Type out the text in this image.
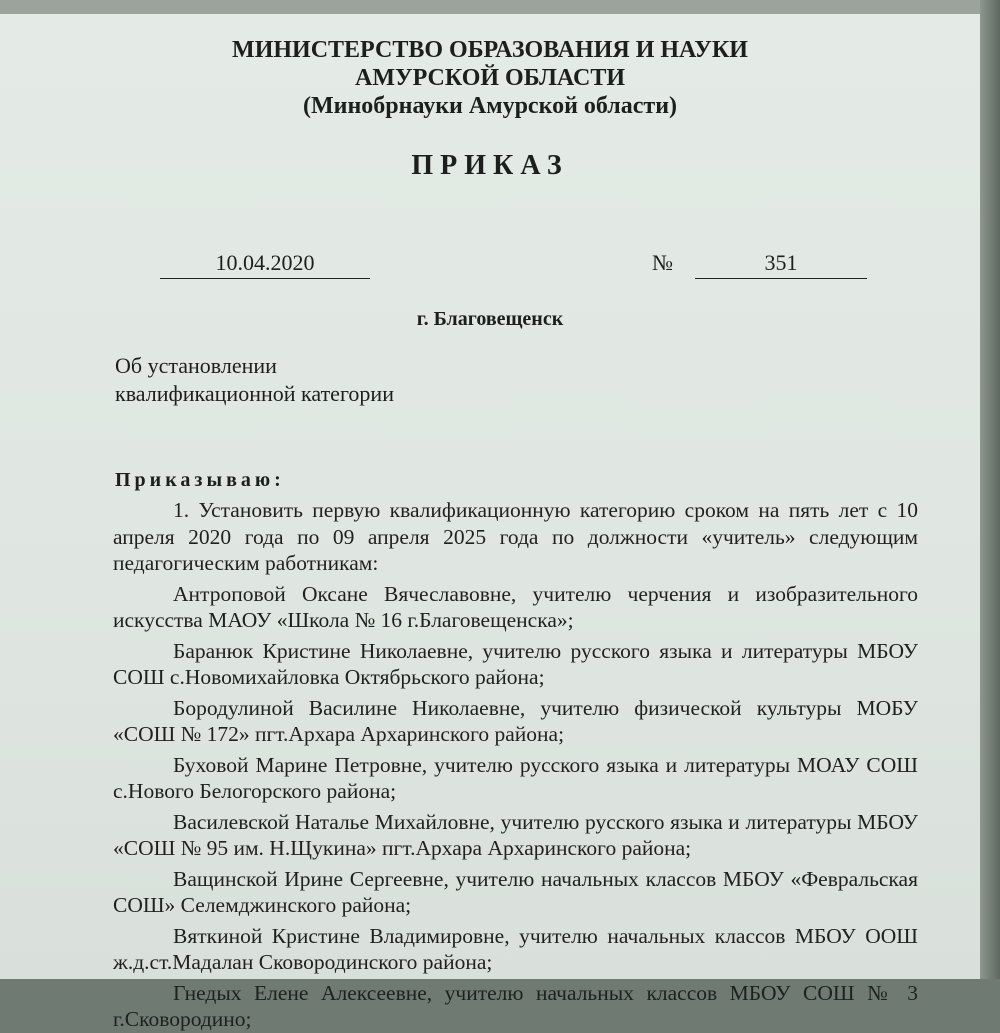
МИНИСТЕРСТВО ОБРАЗОВАНИЯ И НАУКИ
АМУРСКОЙ ОБЛАСТИ
(Минобрнауки Амурской области)
ПРИКАЗ
10.04.2020	№	351
г. Благовещенск
Об установлении
квалификационной категории
Приказываю:

1. Установить первую квалификационную категорию сроком на пять лет с 10 апреля 2020 года по 09 апреля 2025 года по должности «учитель» следующим педагогическим работникам:

Антроповой Оксане Вячеславовне, учителю черчения и изобразительного искусства МАОУ «Школа № 16 г.Благовещенска»;

Баранюк Кристине Николаевне, учителю русского языка и литературы МБОУ СОШ с.Новомихайловка Октябрьского района;

Бородулиной Василине Николаевне, учителю физической культуры МОБУ «СОШ № 172» пгт.Архара Архаринского района;

Буховой Марине Петровне, учителю русского языка и литературы МОАУ СОШ с.Нового Белогорского района;

Василевской Наталье Михайловне, учителю русского языка и литературы МБОУ «СОШ № 95 им. Н.Щукина» пгт.Архара Архаринского района;

Ващинской Ирине Сергеевне, учителю начальных классов МБОУ «Февральская СОШ» Селемджинского района;

Вяткиной Кристине Владимировне, учителю начальных классов МБОУ ООШ ж.д.ст.Мадалан Сковородинского района;

Гнедых Елене Алексеевне, учителю начальных классов МБОУ СОШ № 3 г.Сковородино;
